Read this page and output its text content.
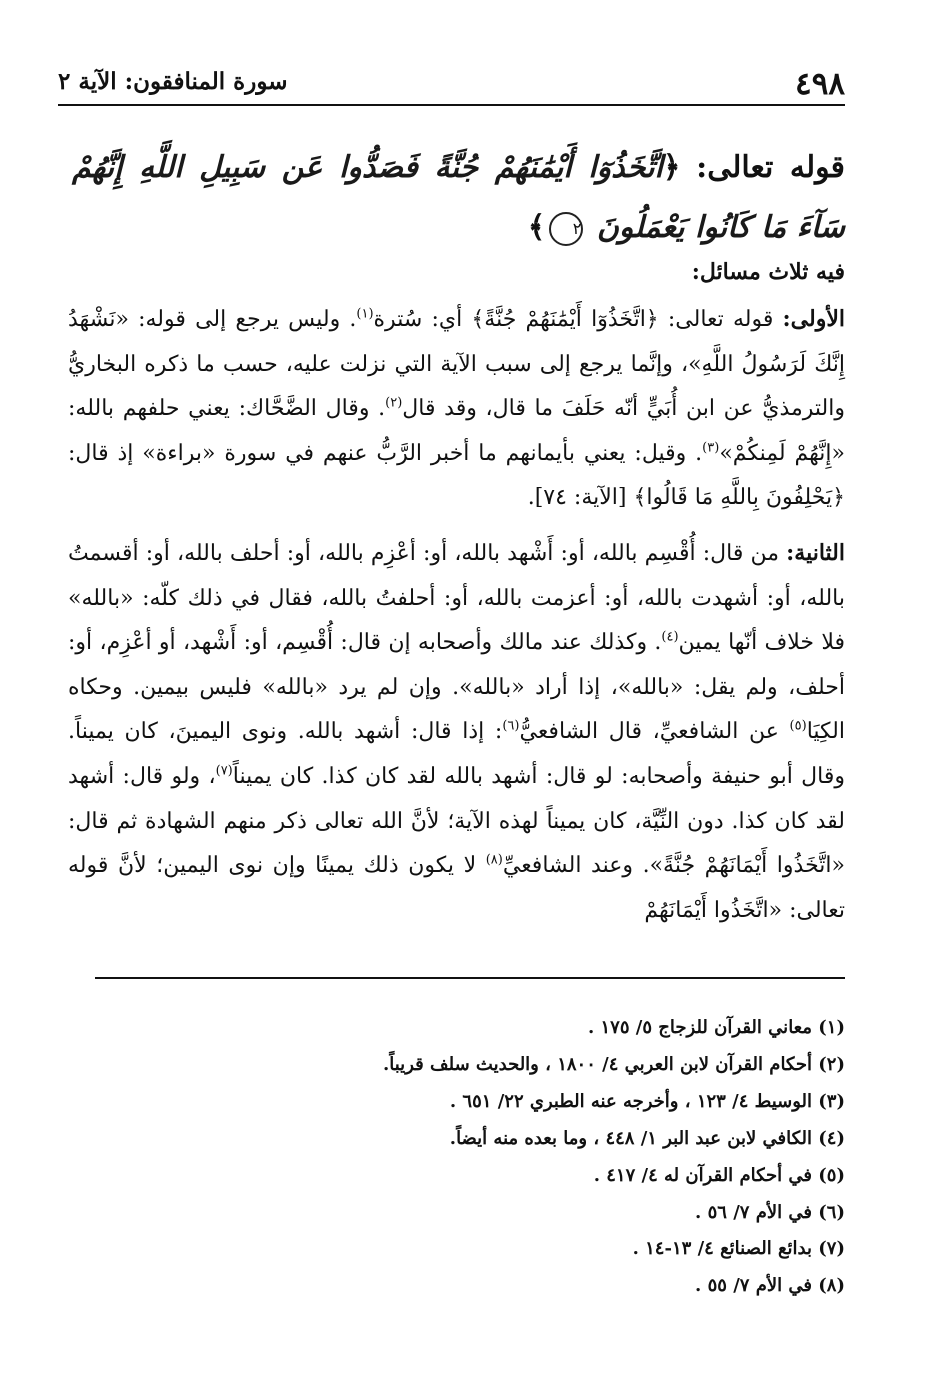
٤٩٨
سورة المنافقون: الآية ٢
قوله تعالى: ﴿اتَّخَذُوٓا أَيْمَٰنَهُمْ جُنَّةً فَصَدُّوا عَن سَبِيلِ اللَّهِ إِنَّهُمْ سَآءَ مَا كَانُوا يَعْمَلُونَ ٢﴾
فيه ثلاث مسائل:

الأولى: قوله تعالى: ﴿اتَّخَذُوٓا أَيْمَٰنَهُمْ جُنَّةً﴾ أي: سُترة$^{(١)}$. وليس يرجع إلى قوله: «نَشْهَدُ إِنَّكَ لَرَسُولُ اللَّهِ»، وإنَّما يرجع إلى سبب الآية التي نزلت عليه، حسب ما ذكره البخاريُّ والترمذيُّ عن ابن أُبَيٍّ أنّه حَلَفَ ما قال، وقد قال$^{(٢)}$. وقال الضَّحَّاك: يعني حلفهم بالله: «إِنَّهُمْ لَمِنكُمْ»$^{(٣)}$. وقيل: يعني بأيمانهم ما أخبر الرَّبُّ عنهم في سورة «براءة» إذ قال: ﴿يَحْلِفُونَ بِاللَّهِ مَا قَالُوا﴾ [الآية: ٧٤].

الثانية: من قال: أُقْسِم بالله، أو: أَشْهد بالله، أو: أعْزِم بالله، أو: أحلف بالله، أو: أقسمتُ بالله، أو: أشهدت بالله، أو: أعزمت بالله، أو: أحلفتُ بالله، فقال في ذلك كلّه: «بالله» فلا خلاف أنّها يمين$^{(٤)}$. وكذلك عند مالك وأصحابه إن قال: أُقْسِم، أو: أَشْهد، أو أعْزِم، أو: أحلف، ولم يقل: «بالله»، إذا أراد «بالله». وإن لم يرد «بالله» فليس بيمين. وحكاه الكِيَا$^{(٥)}$ عن الشافعيِّ، قال الشافعيُّ$^{(٦)}$: إذا قال: أشهد بالله. ونوى اليمينَ، كان يميناً. وقال أبو حنيفة وأصحابه: لو قال: أشهد بالله لقد كان كذا. كان يميناً$^{(٧)}$، ولو قال: أشهد لقد كان كذا. دون النِّيَّة، كان يميناً لهذه الآية؛ لأنَّ الله تعالى ذكر منهم الشهادة ثم قال: «اتَّخَذُوا أَيْمَانَهُمْ جُنَّةً». وعند الشافعيِّ$^{(٨)}$ لا يكون ذلك يمينًا وإن نوى اليمين؛ لأنَّ قوله تعالى: «اتَّخَذُوا أَيْمَانَهُمْ

(١) معاني القرآن للزجاج ٥/ ١٧٥ .
(٢) أحكام القرآن لابن العربي ٤/ ١٨٠٠ ، والحديث سلف قريباً.
(٣) الوسيط ٤/ ١٢٣ ، وأخرجه عنه الطبري ٢٢/ ٦٥١ .
(٤) الكافي لابن عبد البر ١/ ٤٤٨ ، وما بعده منه أيضاً.
(٥) في أحكام القرآن له ٤/ ٤١٧ .
(٦) في الأم ٧/ ٥٦ .
(٧) بدائع الصنائع ٤/ ١٣-١٤ .
(٨) في الأم ٧/ ٥٥ .
